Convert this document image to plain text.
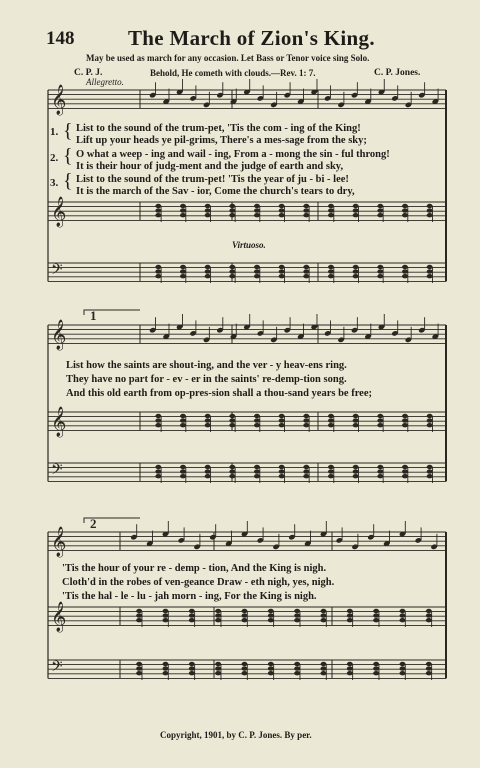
148	The March of Zion's King.
May be used as march for any occasion. Let Bass or Tenor voice sing Solo.
C. P. J.	Behold, He cometh with clouds.—Rev. 1: 7.	C. P. Jones.
Allegretto.
Virtuoso.
𝄞
𝄞
𝄢
𝄞
𝄞
𝄢
𝄞
𝄞
𝄢
1
2
1.
2.
3.
{
{
{
List to the sound of the trum-pet, 'Tis the com - ing of the King!
Lift up your heads ye pil-grims, There's a mes-sage from the sky;
O what a weep - ing and wail - ing, From a - mong the sin - ful throng!
It is their hour of judg-ment and the judge of earth and sky,
List to the sound of the trum-pet! 'Tis the year of ju - bi - lee!
It is the march of the Sav - ior, Come the church's tears to dry,
List how the saints are shout-ing, and the ver - y heav-ens ring.
They have no part for - ev - er in the saints' re-demp-tion song.
And this old earth from op-pres-sion shall a thou-sand years be free;
'Tis the hour of your re - demp - tion, And the King is nigh.
Cloth'd in the robes of ven-geance Draw - eth nigh, yes, nigh.
'Tis the hal - le - lu - jah morn - ing, For the King is nigh.
Copyright, 1901, by C. P. Jones. By per.
